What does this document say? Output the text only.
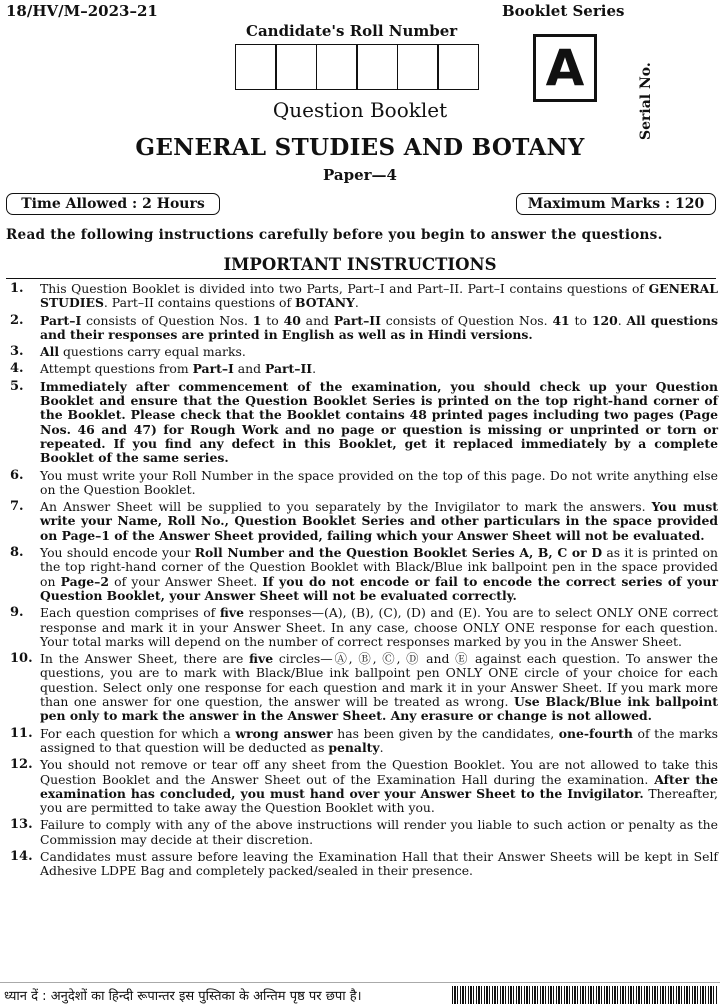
18/HV/M–2023–21	Booklet Series
Candidate's Roll Number
A	Serial No.
Question Booklet
GENERAL STUDIES AND BOTANY
Paper—4
Time Allowed : 2 Hours	Maximum Marks : 120
Read the following instructions carefully before you begin to answer the questions.
IMPORTANT INSTRUCTIONS
1. This Question Booklet is divided into two Parts, Part–I and Part–II. Part–I contains questions of GENERAL STUDIES. Part–II contains questions of BOTANY.
2. Part–I consists of Question Nos. 1 to 40 and Part–II consists of Question Nos. 41 to 120. All questions and their responses are printed in English as well as in Hindi versions.
3. All questions carry equal marks.
4. Attempt questions from Part–I and Part–II.
5. Immediately after commencement of the examination, you should check up your Question Booklet and ensure that the Question Booklet Series is printed on the top right-hand corner of the Booklet. Please check that the Booklet contains 48 printed pages including two pages (Page Nos. 46 and 47) for Rough Work and no page or question is missing or unprinted or torn or repeated. If you find any defect in this Booklet, get it replaced immediately by a complete Booklet of the same series.
6. You must write your Roll Number in the space provided on the top of this page. Do not write anything else on the Question Booklet.
7. An Answer Sheet will be supplied to you separately by the Invigilator to mark the answers. You must write your Name, Roll No., Question Booklet Series and other particulars in the space provided on Page–1 of the Answer Sheet provided, failing which your Answer Sheet will not be evaluated.
8. You should encode your Roll Number and the Question Booklet Series A, B, C or D as it is printed on the top right-hand corner of the Question Booklet with Black/Blue ink ballpoint pen in the space provided on Page–2 of your Answer Sheet. If you do not encode or fail to encode the correct series of your Question Booklet, your Answer Sheet will not be evaluated correctly.
9. Each question comprises of five responses—(A), (B), (C), (D) and (E). You are to select ONLY ONE correct response and mark it in your Answer Sheet. In any case, choose ONLY ONE response for each question. Your total marks will depend on the number of correct responses marked by you in the Answer Sheet.
10. In the Answer Sheet, there are five circles—Ⓐ, Ⓑ, Ⓒ, Ⓓ and Ⓔ against each question. To answer the questions, you are to mark with Black/Blue ink ballpoint pen ONLY ONE circle of your choice for each question. Select only one response for each question and mark it in your Answer Sheet. If you mark more than one answer for one question, the answer will be treated as wrong. Use Black/Blue ink ballpoint pen only to mark the answer in the Answer Sheet. Any erasure or change is not allowed.
11. For each question for which a wrong answer has been given by the candidates, one-fourth of the marks assigned to that question will be deducted as penalty.
12. You should not remove or tear off any sheet from the Question Booklet. You are not allowed to take this Question Booklet and the Answer Sheet out of the Examination Hall during the examination. After the examination has concluded, you must hand over your Answer Sheet to the Invigilator. Thereafter, you are permitted to take away the Question Booklet with you.
13. Failure to comply with any of the above instructions will render you liable to such action or penalty as the Commission may decide at their discretion.
14. Candidates must assure before leaving the Examination Hall that their Answer Sheets will be kept in Self Adhesive LDPE Bag and completely packed/sealed in their presence.
ध्यान दें : अनुदेशों का हिन्दी रूपान्तर इस पुस्तिका के अन्तिम पृष्ठ पर छपा है।
